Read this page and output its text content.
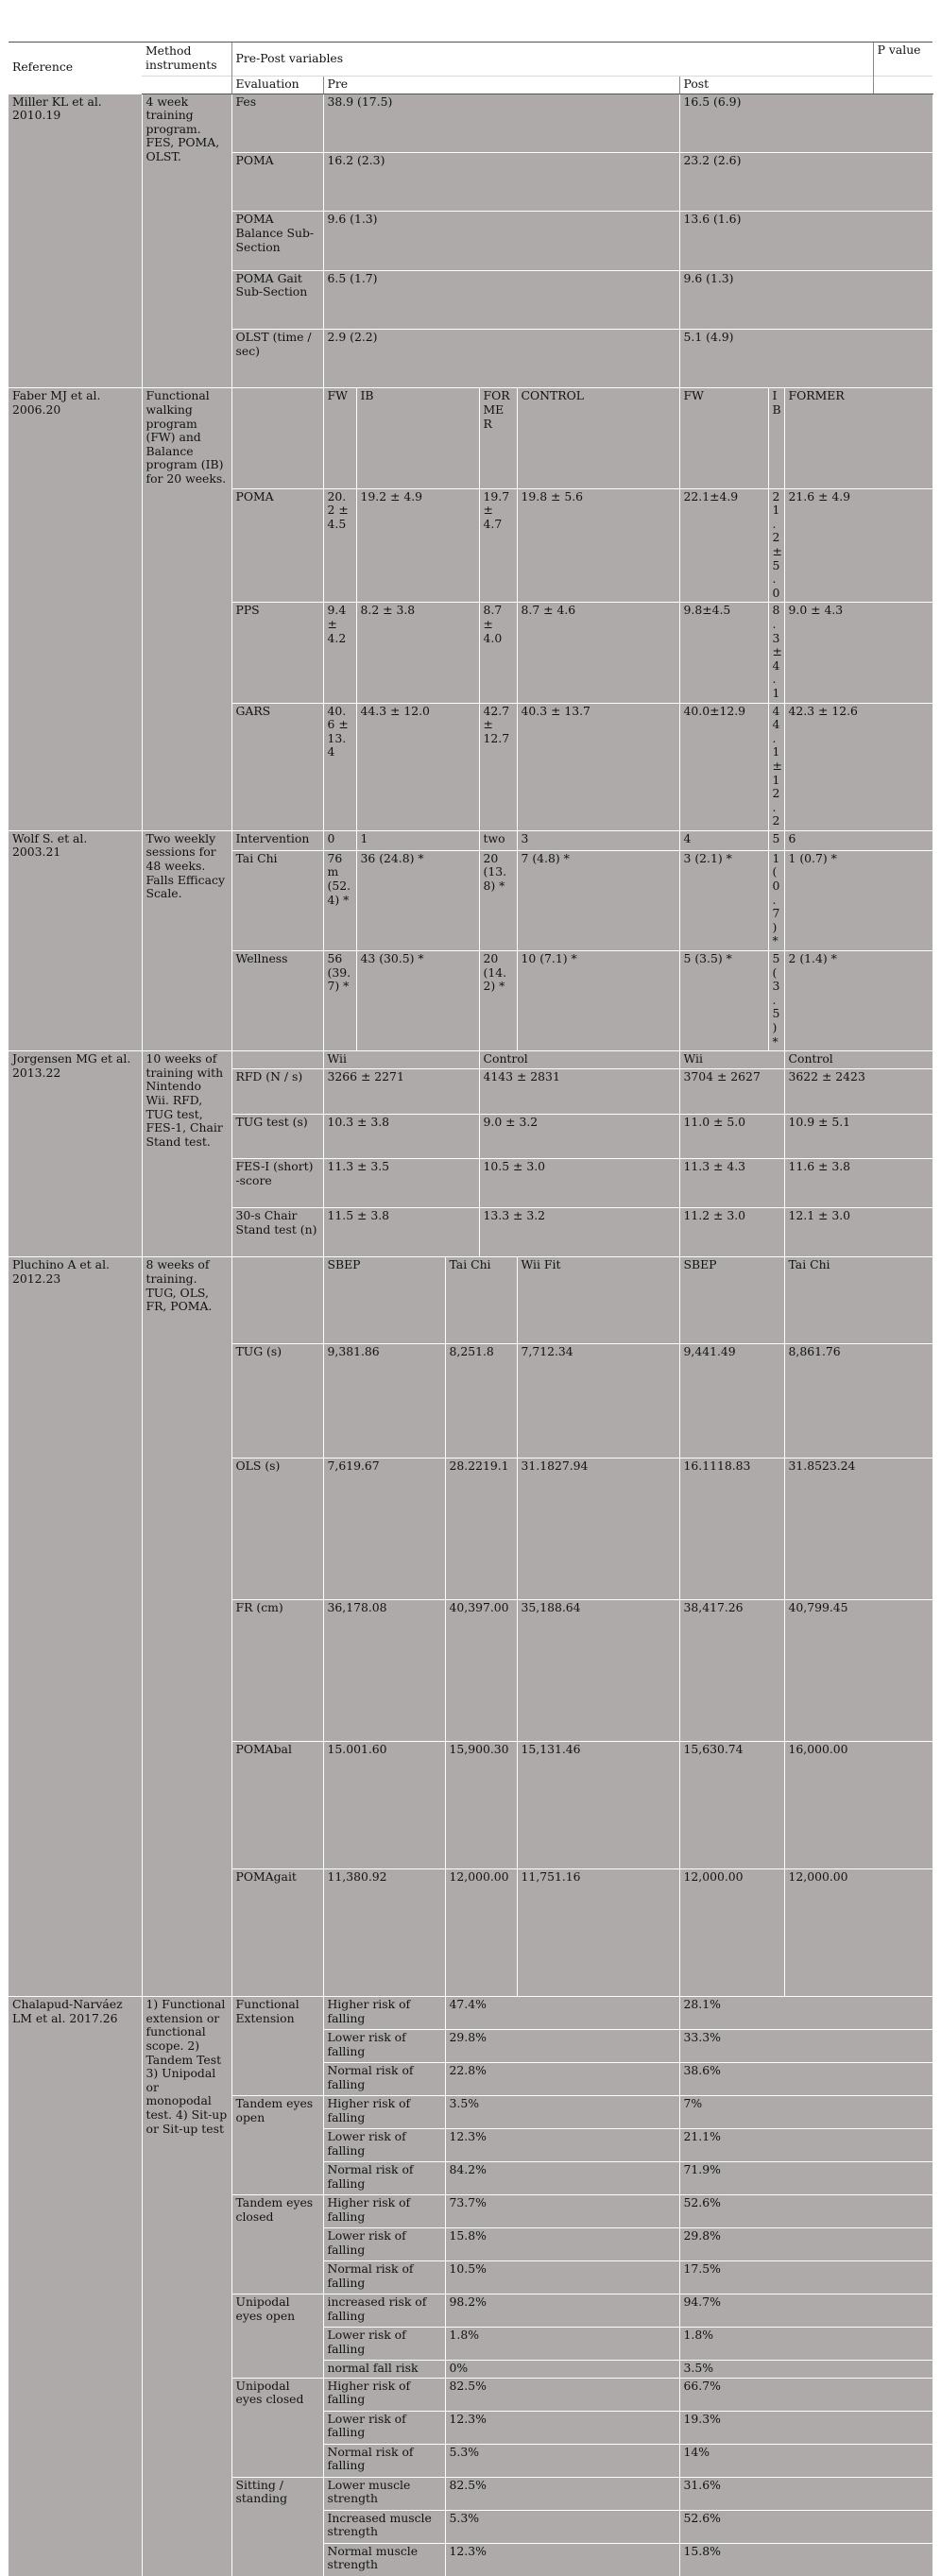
Reference	Method instruments	Pre-Post variables									P value	
		Evaluation	Pre					Post				
Miller KL et al. 2010.19	4 week training program. FES, POMA, OLST.	Fes	38.9 (17.5)					16.5 (6.9)	
		POMA	16.2 (2.3)					23.2 (2.6)	
		POMA Balance Sub-Section	9.6 (1.3)					13.6 (1.6)	
		POMA Gait Sub-Section	6.5 (1.7)					9.6 (1.3)	
		OLST (time / sec)	2.9 (2.2)					5.1 (4.9)	
Faber MJ et al. 2006.20	Functional walking program (FW) and Balance program (IB) for 20 weeks.		FW	IB		FORMER	CONTROL	FW	IB	FORMER		
		POMA	20.2 ± 4.5	19.2 ± 4.9		19.7 ± 4.7	19.8 ± 5.6	22.1±4.9	21.2 ± 5.0	21.6 ± 4.9		
		PPS	9.4 ± 4.2	8.2 ± 3.8		8.7 ± 4.0	8.7 ± 4.6	9.8±4.5	8.3 ± 4.1	9.0 ± 4.3		
		GARS	40.6 ± 13.4	44.3 ± 12.0		42.7 ± 12.7	40.3 ± 13.7	40.0±12.9	44.1 ± 12.2	42.3 ± 12.6		
Wolf S. et al. 2003.21	Two weekly sessions for 48 weeks. Falls Efficacy Scale.	Intervention	0	1		two	3	4	5	6		
		Tai Chi	76m (52.4) *	36 (24.8) *		20 (13.8) *	7 (4.8) *	3 (2.1) *	1 (0.7) *	1 (0.7) *		
		Wellness	56 (39.7) *	43 (30.5) *		20 (14.2) *	10 (7.1) *	5 (3.5) *	5 (3.5) *	2 (1.4) *		
Jorgensen MG et al. 2013.22	10 weeks of training with Nintendo Wii. RFD, TUG test, FES-1, Chair Stand test.		Wii			Control		Wii		Control		
		RFD (N / s)	3266 ± 2271			4143 ± 2831		3704 ± 2627		3622 ± 2423	
		TUG test (s)	10.3 ± 3.8			9.0 ± 3.2		11.0 ± 5.0		10.9 ± 5.1	
		FES-I (short) -score	11.3 ± 3.5			10.5 ± 3.0		11.3 ± 4.3		11.6 ± 3.8	
		30-s Chair Stand test (n)	11.5 ± 3.8			13.3 ± 3.2		11.2 ± 3.0		12.1 ± 3.0	
Pluchino A et al. 2012.23	8 weeks of training. TUG, OLS, FR, POMA.		SBEP		Tai Chi		Wii Fit	SBEP		Tai Chi		
		TUG (s)	9,381.86		8,251.8		7,712.34	9,441.49		8,861.76		
		OLS (s)	7,619.67		28.2219.1		31.1827.94	16.1118.83		31.8523.24		
		FR (cm)	36,178.08		40,397.00		35,188.64	38,417.26		40,799.45		
		POMAbal	15.001.60		15,900.30		15,131.46	15,630.74		16,000.00		
		POMAgait	11,380.92		12,000.00		11,751.16	12,000.00		12,000.00		
Chalapud-Narváez LM et al. 2017.26	1) Functional extension or functional scope. 2) Tandem Test 3) Unipodal or monopodal test. 4) Sit-up or Sit-up test	Functional Extension	Higher risk of falling		47.4%			28.1%	
			Lower risk of falling		29.8%			33.3%				
			Normal risk of falling		22.8%			38.6%				
		Tandem eyes open	Higher risk of falling		3.5%			7%	
			Lower risk of falling		12.3%			21.1%				
			Normal risk of falling		84.2%			71.9%				
		Tandem eyes closed	Higher risk of falling		73.7%			52.6%	
			Lower risk of falling		15.8%			29.8%				
			Normal risk of falling		10.5%			17.5%				
		Unipodal eyes open	increased risk of falling		98.2%			94.7%	
			Lower risk of falling		1.8%			1.8%				
			normal fall risk		0%			3.5%				
		Unipodal eyes closed	Higher risk of falling		82.5%			66.7%	
			Lower risk of falling		12.3%			19.3%				
			Normal risk of falling		5.3%			14%				
		Sitting / standing	Lower muscle strength		82.5%			31.6%	
			Increased muscle strength		5.3%			52.6%				
			Normal muscle strength		12.3%			15.8%				
